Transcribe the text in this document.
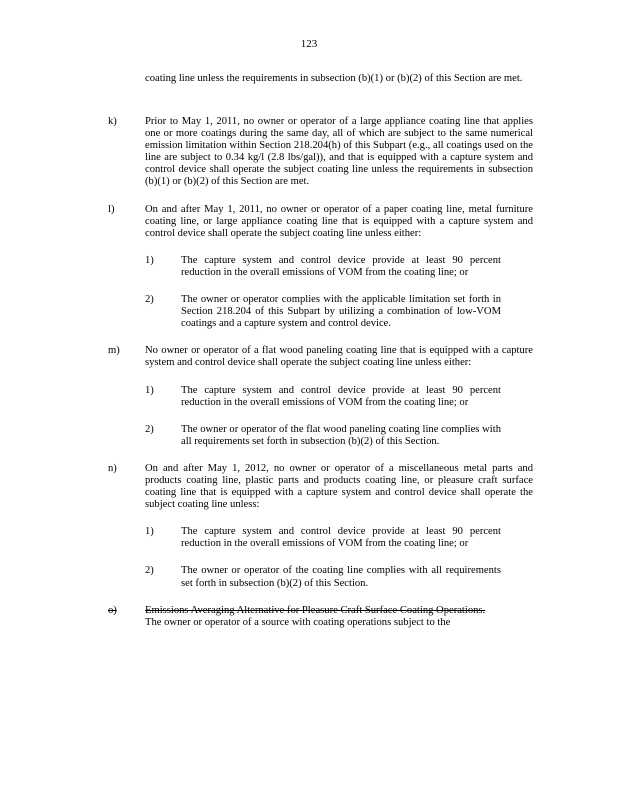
123
coating line unless the requirements in subsection (b)(1) or (b)(2) of this Section are met.
k)	Prior to May 1, 2011, no owner or operator of a large appliance coating line that applies one or more coatings during the same day, all of which are subject to the same numerical emission limitation within Section 218.204(h) of this Subpart (e.g., all coatings used on the line are subject to 0.34 kg/l (2.8 lbs/gal)), and that is equipped with a capture system and control device shall operate the subject coating line unless the requirements in subsection (b)(1) or (b)(2) of this Section are met.
l)	On and after May 1, 2011, no owner or operator of a paper coating line, metal furniture coating line, or large appliance coating line that is equipped with a capture system and control device shall operate the subject coating line unless either:
1)	The capture system and control device provide at least 90 percent reduction in the overall emissions of VOM from the coating line; or
2)	The owner or operator complies with the applicable limitation set forth in Section 218.204 of this Subpart by utilizing a combination of low-VOM coatings and a capture system and control device.
m) No owner or operator of a flat wood paneling coating line that is equipped with a capture system and control device shall operate the subject coating line unless either:
1)	The capture system and control device provide at least 90 percent reduction in the overall emissions of VOM from the coating line; or
2)	The owner or operator of the flat wood paneling coating line complies with all requirements set forth in subsection (b)(2) of this Section.
n)	On and after May 1, 2012, no owner or operator of a miscellaneous metal parts and products coating line, plastic parts and products coating line, or pleasure craft surface coating line that is equipped with a capture system and control device shall operate the subject coating line unless:
1)	The capture system and control device provide at least 90 percent reduction in the overall emissions of VOM from the coating line; or
2)	The owner or operator of the coating line complies with all requirements set forth in subsection (b)(2) of this Section.
o)	Emissions Averaging Alternative for Pleasure Craft Surface Coating Operations.
The owner or operator of a source with coating operations subject to the
